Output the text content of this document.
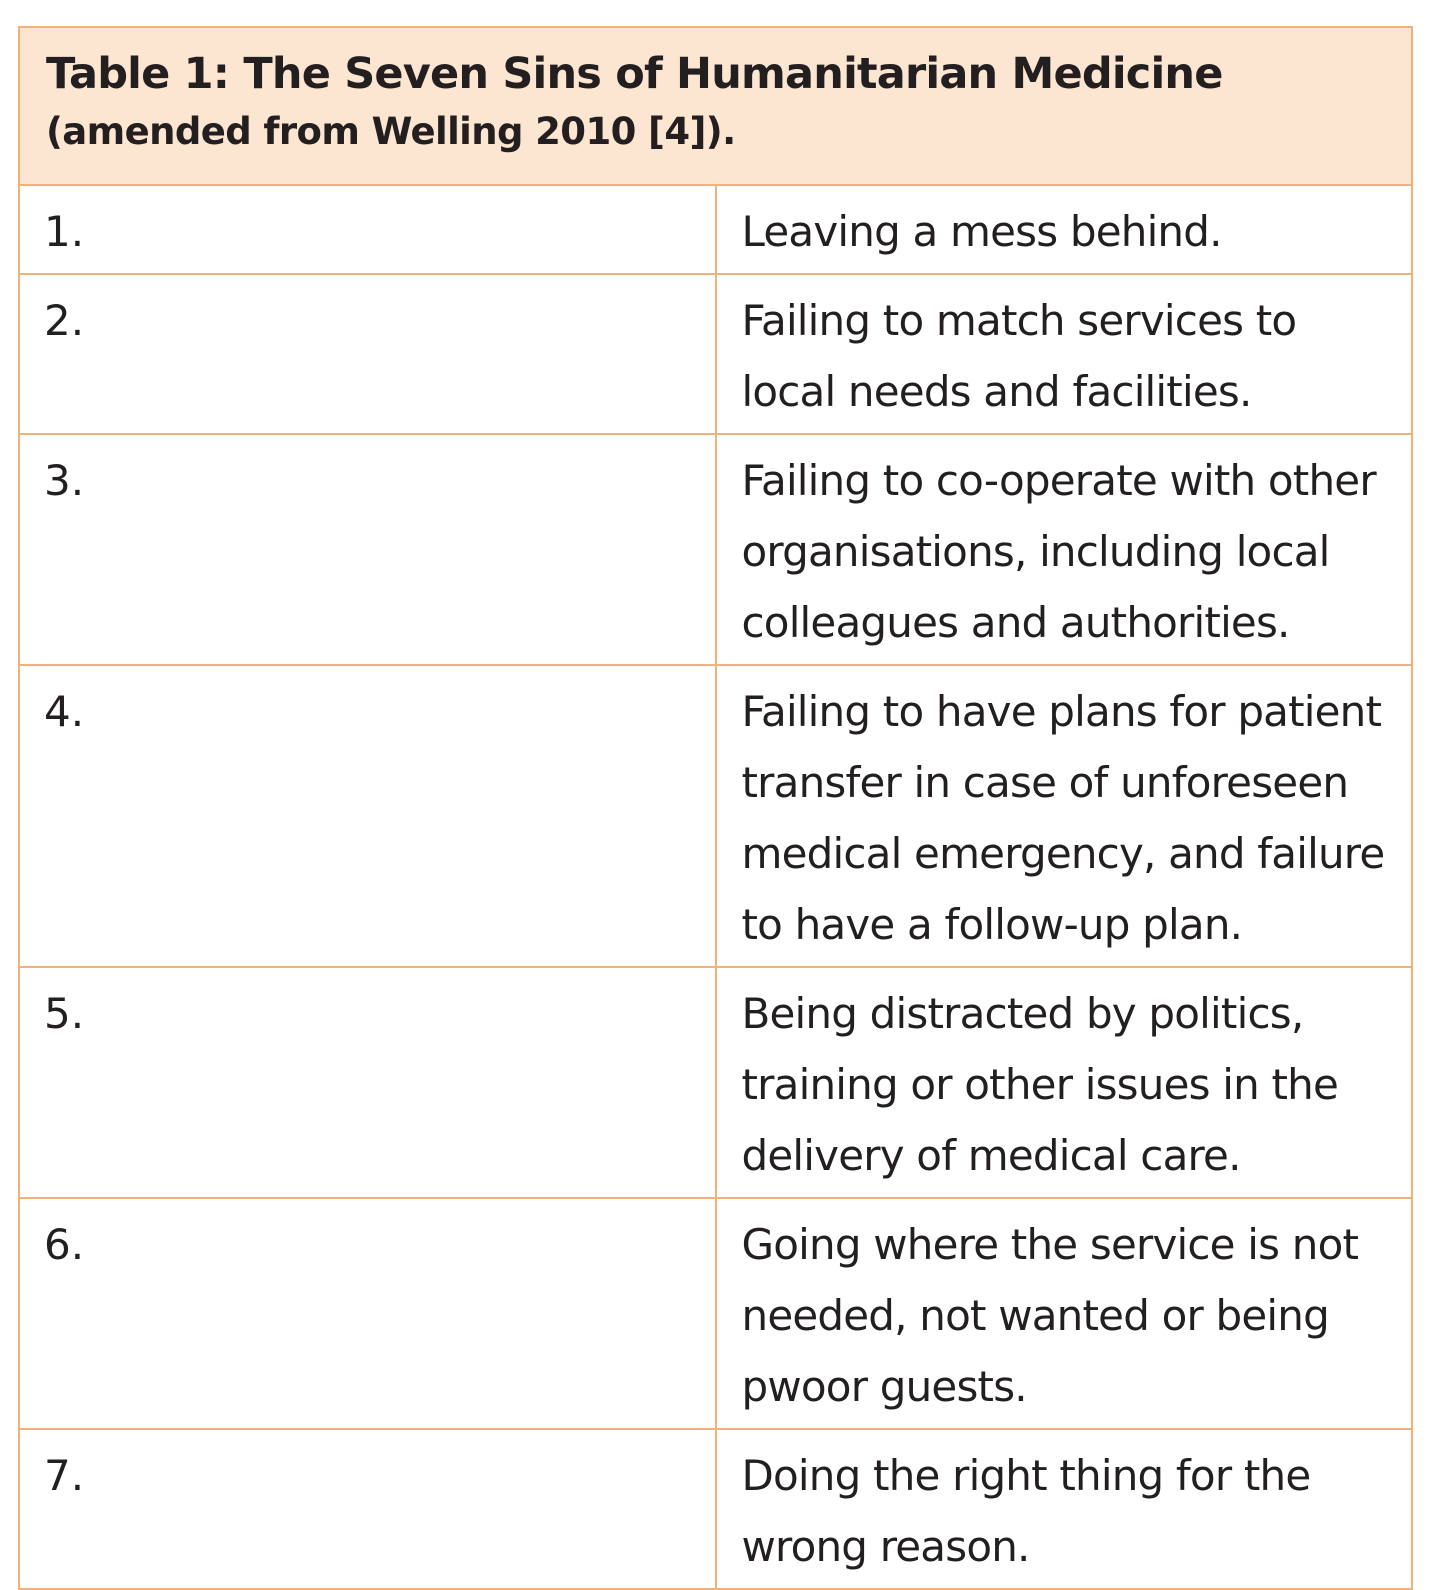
Table 1: The Seven Sins of Humanitarian Medicine
(amended from Welling 2010 [4]).	

1.	Leaving a mess behind.
2.	Failing to match services to local needs and facilities.
3.	Failing to co-operate with other organisations, including local colleagues and authorities.
4.	Failing to have plans for patient transfer in case of unforeseen medical emergency, and failure to have a follow-up plan.
5.	Being distracted by politics, training or other issues in the delivery of medical care.
6.	Going where the service is not needed, not wanted or being pwoor guests.
7.	Doing the right thing for the wrong reason.
